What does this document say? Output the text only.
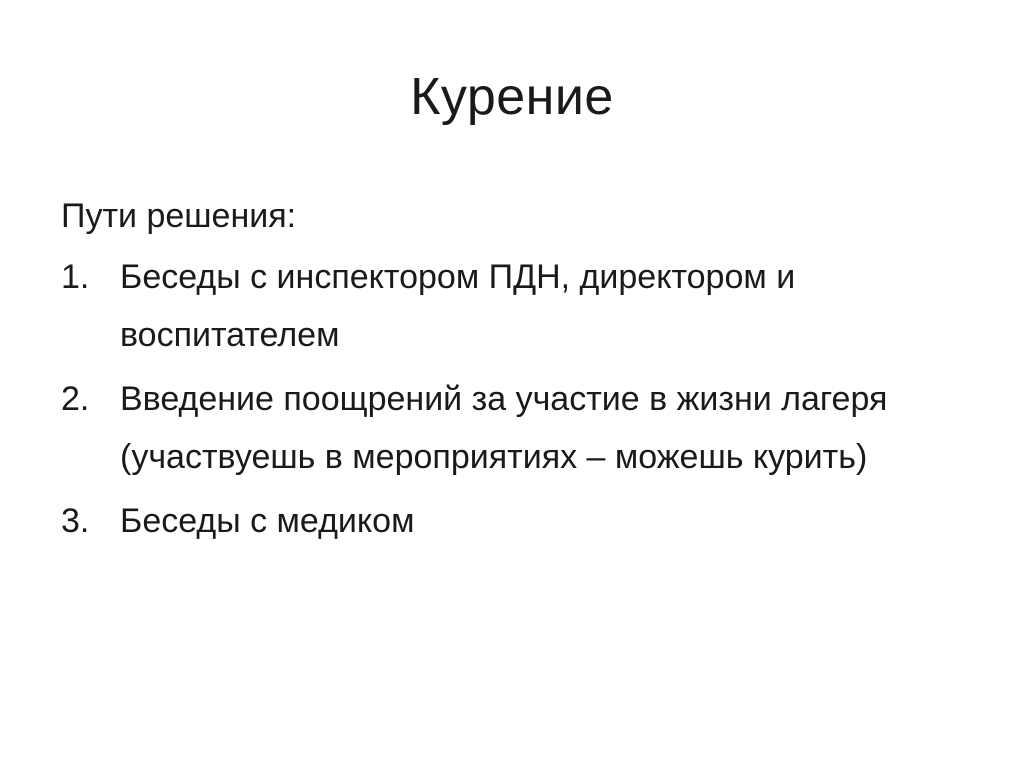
Курение
Пути решения:
1. Беседы с инспектором ПДН, директором и воспитателем
2. Введение поощрений за участие в жизни лагеря (участвуешь в мероприятиях – можешь курить)
3. Беседы с медиком
